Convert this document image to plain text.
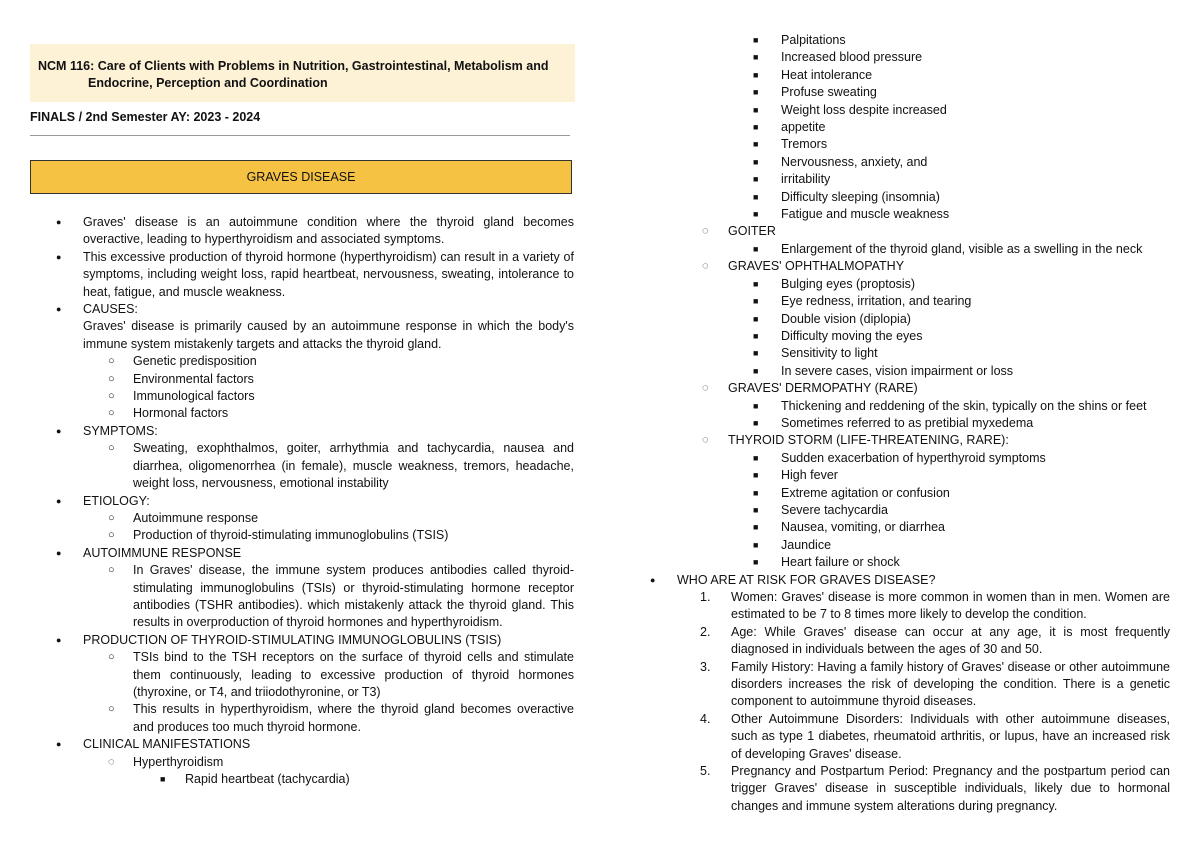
NCM 116: Care of Clients with Problems in Nutrition, Gastrointestinal, Metabolism and
Endocrine, Perception and Coordination
FINALS / 2nd Semester AY: 2023 - 2024
GRAVES DISEASE
● Graves' disease is an autoimmune condition where the thyroid gland becomes overactive, leading to hyperthyroidism and associated symptoms.
● This excessive production of thyroid hormone (hyperthyroidism) can result in a variety of symptoms, including weight loss, rapid heartbeat, nervousness, sweating, intolerance to heat, fatigue, and muscle weakness.
● CAUSES:
Graves' disease is primarily caused by an autoimmune response in which the body's immune system mistakenly targets and attacks the thyroid gland.
○ Genetic predisposition
○ Environmental factors
○ Immunological factors
○ Hormonal factors
● SYMPTOMS:
○ Sweating, exophthalmos, goiter, arrhythmia and tachycardia, nausea and diarrhea, oligomenorrhea (in female), muscle weakness, tremors, headache, weight loss, nervousness, emotional instability
● ETIOLOGY:
○ Autoimmune response
○ Production of thyroid-stimulating immunoglobulins (TSIS)
● AUTOIMMUNE RESPONSE
○ In Graves' disease, the immune system produces antibodies called thyroid-stimulating immunoglobulins (TSIs) or thyroid-stimulating hormone receptor antibodies (TSHR antibodies). which mistakenly attack the thyroid gland. This results in overproduction of thyroid hormones and hyperthyroidism.
● PRODUCTION OF THYROID-STIMULATING IMMUNOGLOBULINS (TSIS)
○ TSIs bind to the TSH receptors on the surface of thyroid cells and stimulate them continuously, leading to excessive production of thyroid hormones (thyroxine, or T4, and triiodothyronine, or T3)
○ This results in hyperthyroidism, where the thyroid gland becomes overactive and produces too much thyroid hormone.
● CLINICAL MANIFESTATIONS
◌ Hyperthyroidism
■ Rapid heartbeat (tachycardia)
■ Palpitations
■ Increased blood pressure
■ Heat intolerance
■ Profuse sweating
■ Weight loss despite increased
■ appetite
■ Tremors
■ Nervousness, anxiety, and
■ irritability
■ Difficulty sleeping (insomnia)
■ Fatigue and muscle weakness
◌ GOITER
■ Enlargement of the thyroid gland, visible as a swelling in the neck
◌ GRAVES' OPHTHALMOPATHY
■ Bulging eyes (proptosis)
■ Eye redness, irritation, and tearing
■ Double vision (diplopia)
■ Difficulty moving the eyes
■ Sensitivity to light
■ In severe cases, vision impairment or loss
◌ GRAVES' DERMOPATHY (RARE)
■ Thickening and reddening of the skin, typically on the shins or feet
■ Sometimes referred to as pretibial myxedema
◌ THYROID STORM (LIFE-THREATENING, RARE):
■ Sudden exacerbation of hyperthyroid symptoms
■ High fever
■ Extreme agitation or confusion
■ Severe tachycardia
■ Nausea, vomiting, or diarrhea
■ Jaundice
■ Heart failure or shock
● WHO ARE AT RISK FOR GRAVES DISEASE?
1. Women: Graves' disease is more common in women than in men. Women are estimated to be 7 to 8 times more likely to develop the condition.
2. Age: While Graves' disease can occur at any age, it is most frequently diagnosed in individuals between the ages of 30 and 50.
3. Family History: Having a family history of Graves' disease or other autoimmune disorders increases the risk of developing the condition. There is a genetic component to autoimmune thyroid diseases.
4. Other Autoimmune Disorders: Individuals with other autoimmune diseases, such as type 1 diabetes, rheumatoid arthritis, or lupus, have an increased risk of developing Graves' disease.
5. Pregnancy and Postpartum Period: Pregnancy and the postpartum period can trigger Graves' disease in susceptible individuals, likely due to hormonal changes and immune system alterations during pregnancy.
